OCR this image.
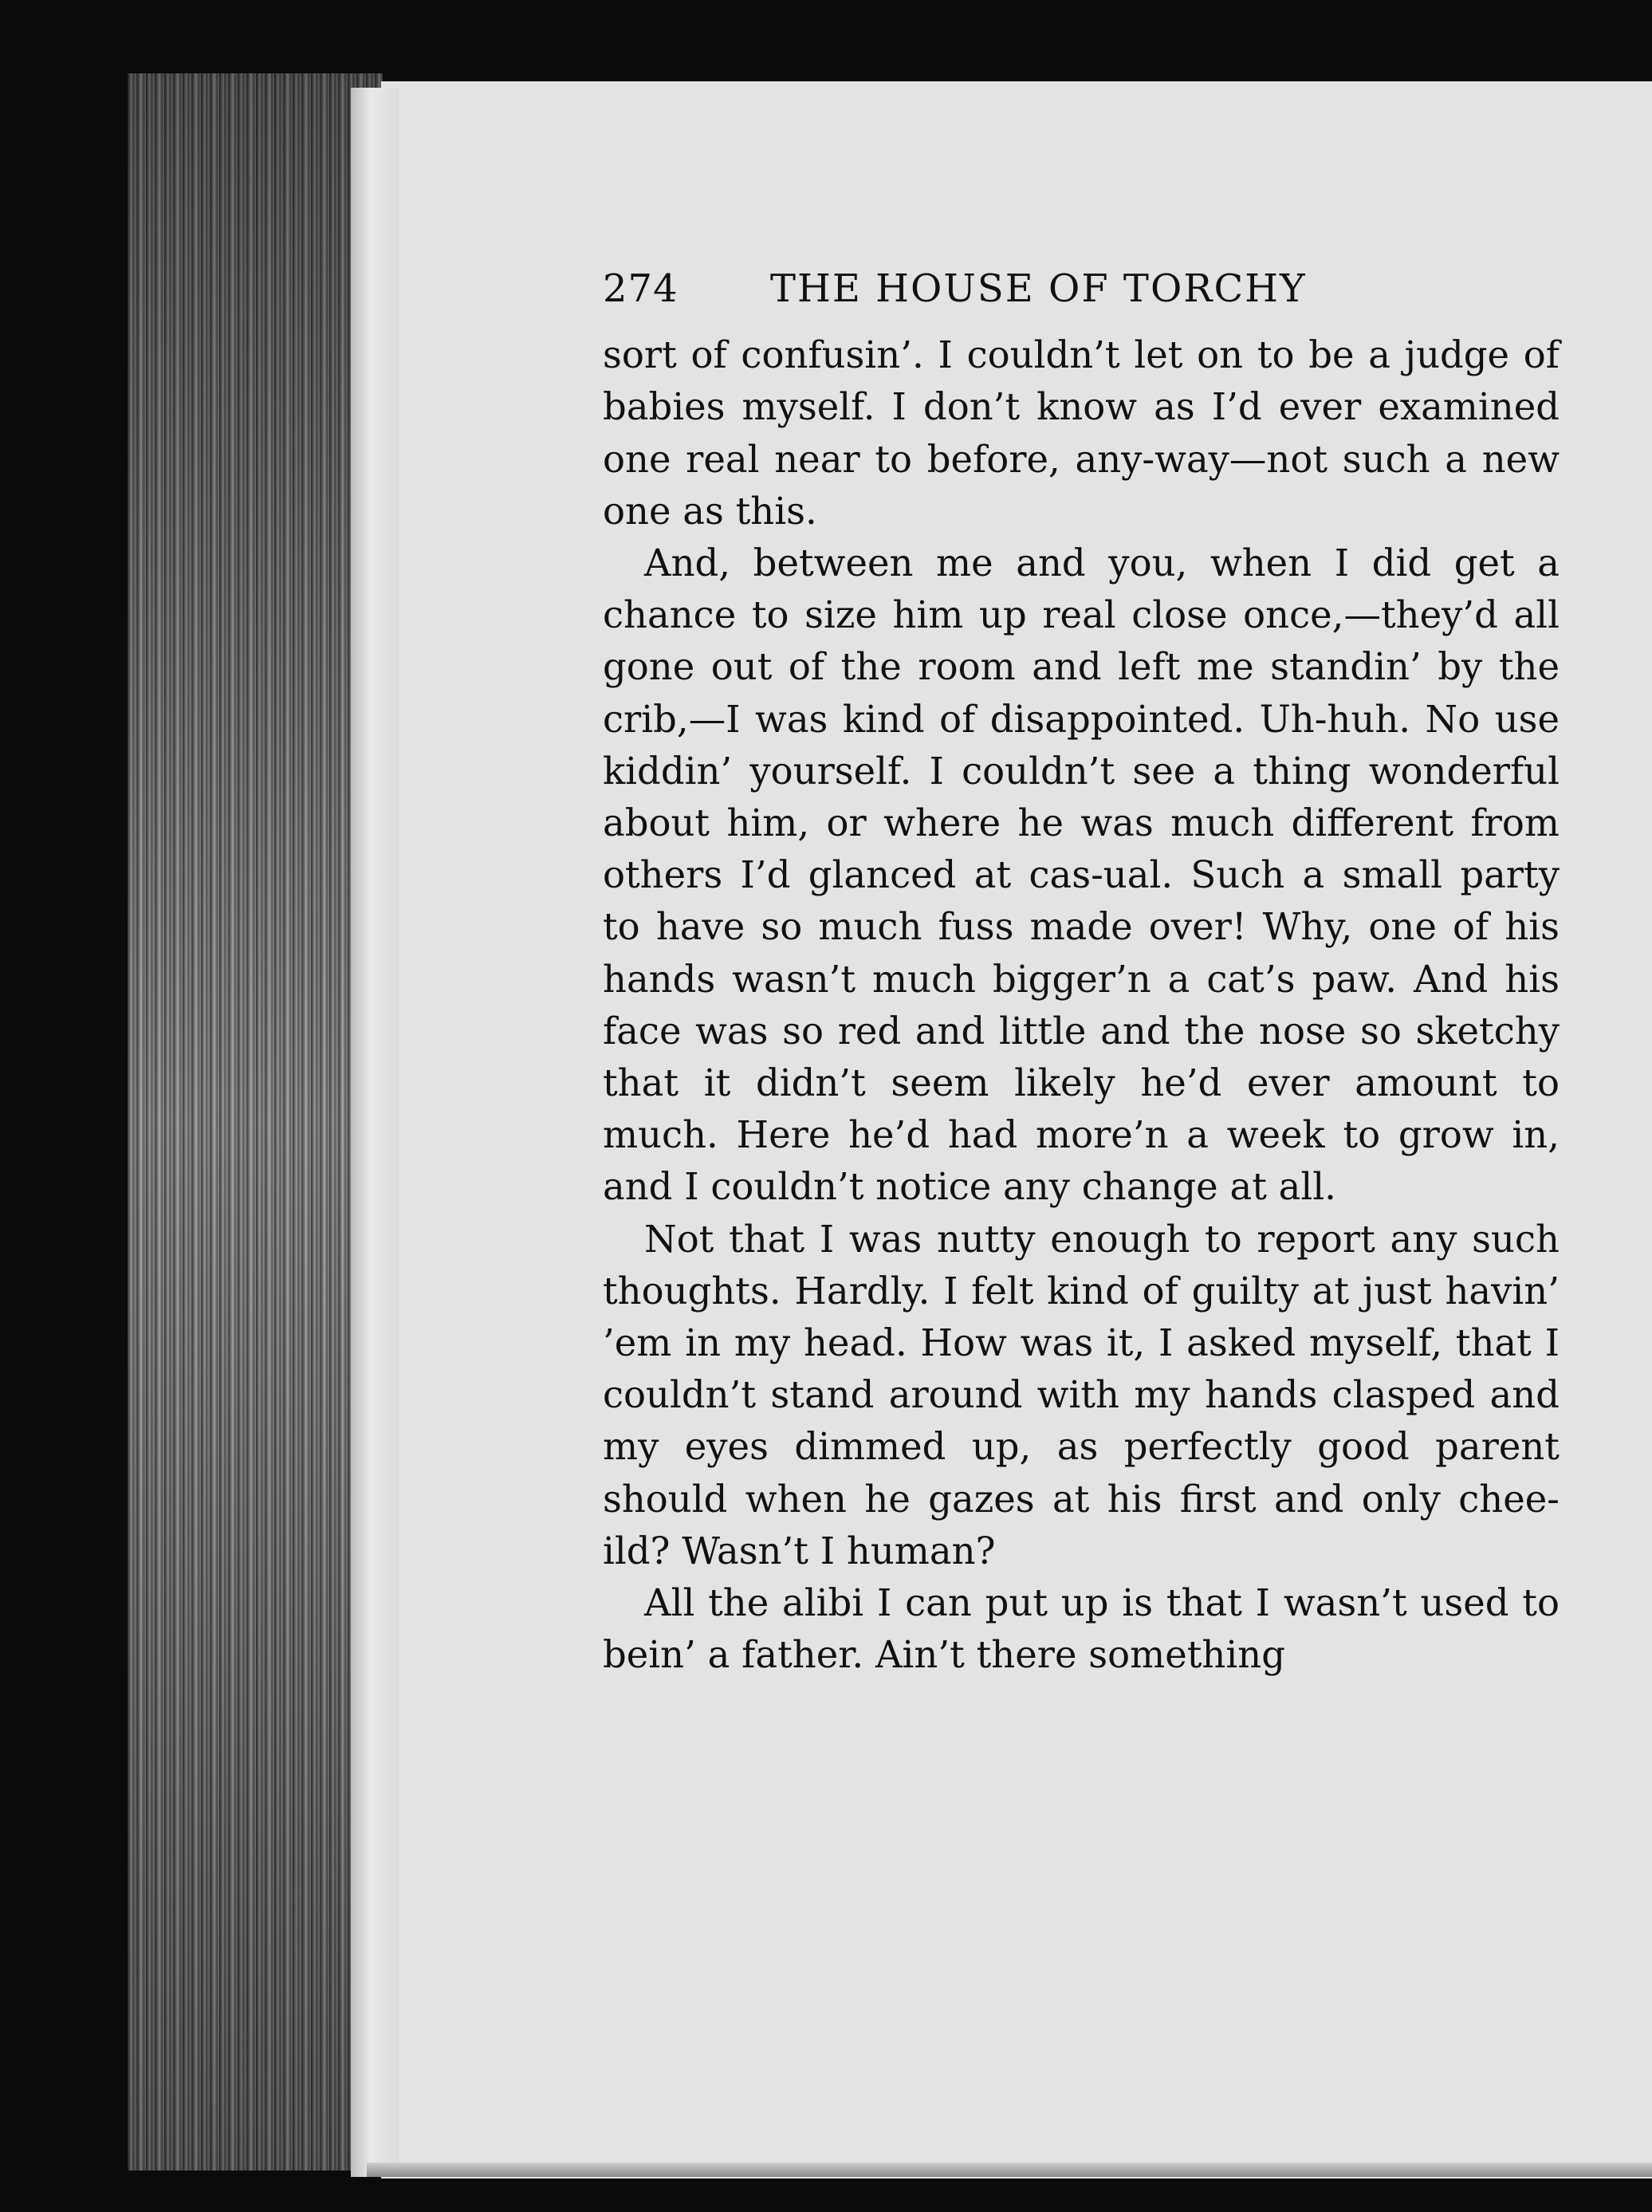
274	THE HOUSE OF TORCHY

sort of confusin’. I couldn’t let on to be a judge of babies myself. I don’t know as I’d ever examined one real near to before, any-way—not such a new one as this.

And, between me and you, when I did get a chance to size him up real close once,—they’d all gone out of the room and left me standin’ by the crib,—I was kind of disappointed. Uh-huh. No use kiddin’ yourself. I couldn’t see a thing wonderful about him, or where he was much different from others I’d glanced at cas-ual. Such a small party to have so much fuss made over! Why, one of his hands wasn’t much bigger’n a cat’s paw. And his face was so red and little and the nose so sketchy that it didn’t seem likely he’d ever amount to much. Here he’d had more’n a week to grow in, and I couldn’t notice any change at all.

Not that I was nutty enough to report any such thoughts. Hardly. I felt kind of guilty at just havin’ ’em in my head. How was it, I asked myself, that I couldn’t stand around with my hands clasped and my eyes dimmed up, as perfectly good parent should when he gazes at his first and only chee-ild? Wasn’t I human?

All the alibi I can put up is that I wasn’t used to bein’ a father. Ain’t there something
